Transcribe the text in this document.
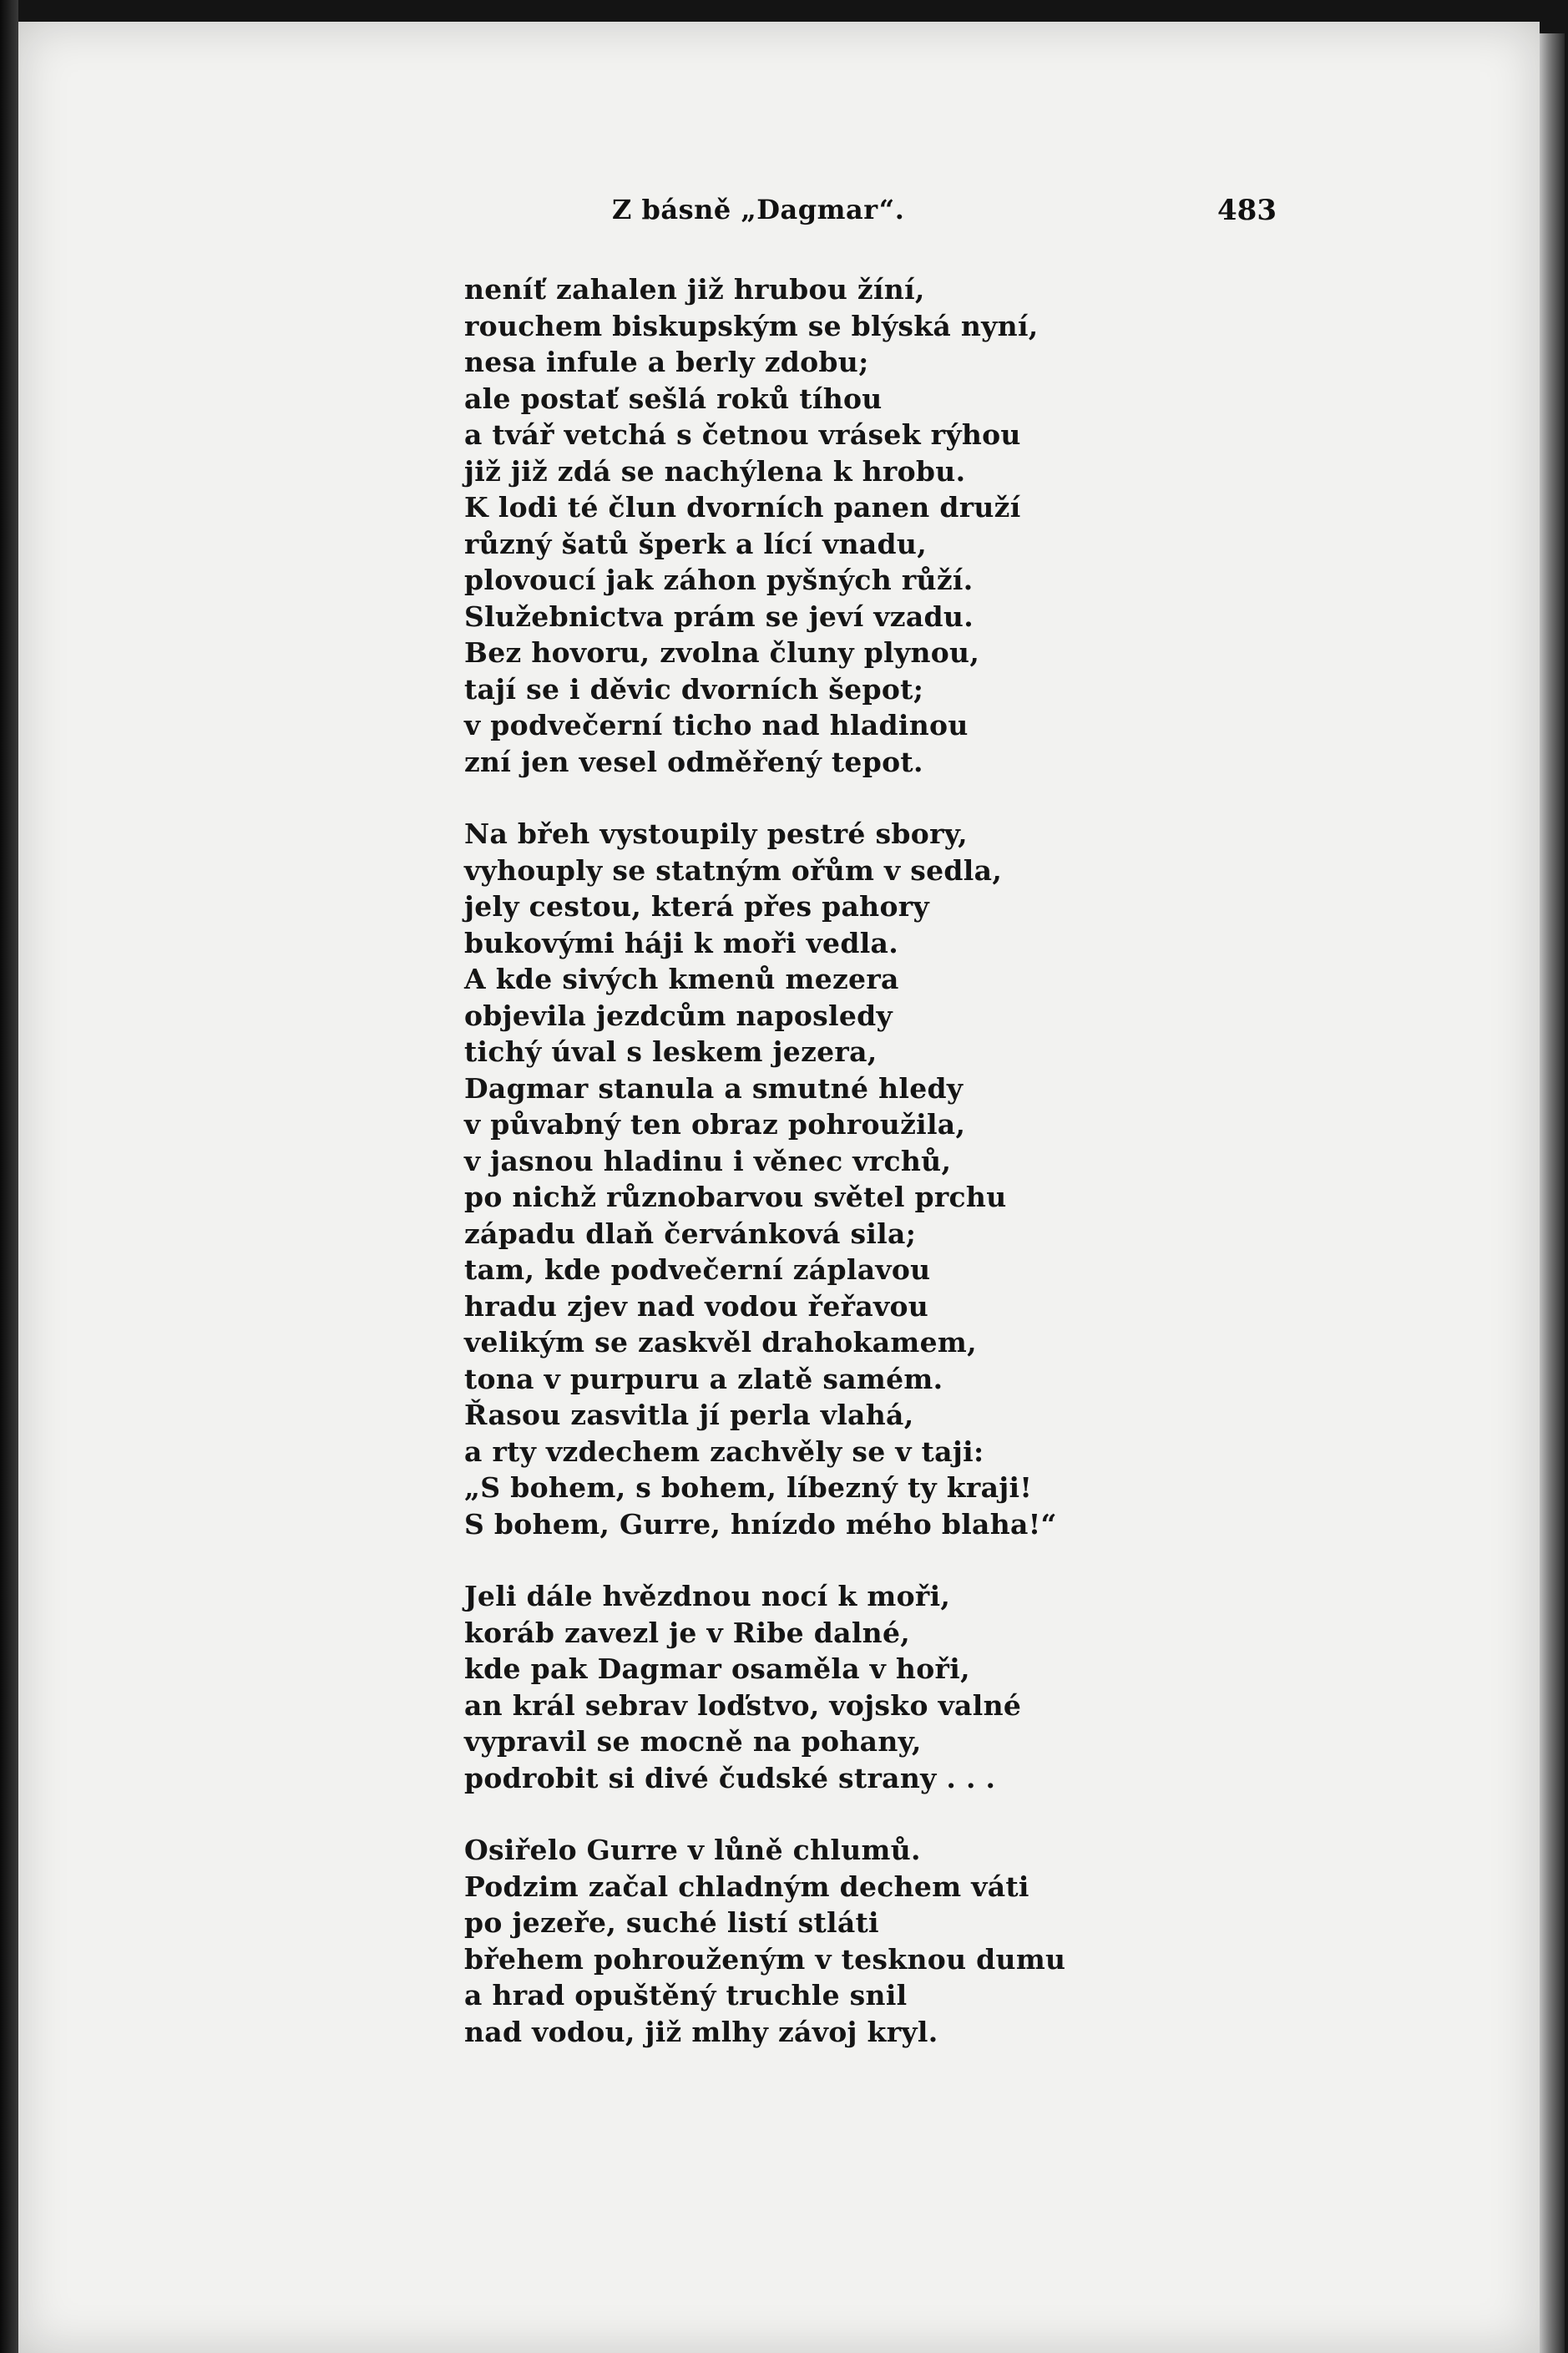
Z básně „Dagmar“.	483
neníť zahalen již hrubou žíní,
rouchem biskupským se blýská nyní,
nesa infule a berly zdobu;
ale postať sešlá roků tíhou
a tvář vetchá s četnou vrásek rýhou
již již zdá se nachýlena k hrobu.
K lodi té člun dvorních panen druží
různý šatů šperk a lící vnadu,
plovoucí jak záhon pyšných růží.
Služebnictva prám se jeví vzadu.
Bez hovoru, zvolna čluny plynou,
tají se i děvic dvorních šepot;
v podvečerní ticho nad hladinou
zní jen vesel odměřený tepot.
Na břeh vystoupily pestré sbory,
vyhouply se statným ořům v sedla,
jely cestou, která přes pahory
bukovými háji k moři vedla.
A kde sivých kmenů mezera
objevila jezdcům naposledy
tichý úval s leskem jezera,
Dagmar stanula a smutné hledy
v půvabný ten obraz pohroužila,
v jasnou hladinu i věnec vrchů,
po nichž různobarvou světel prchu
západu dlaň červánková sila;
tam, kde podvečerní záplavou
hradu zjev nad vodou řeřavou
velikým se zaskvěl drahokamem,
tona v purpuru a zlatě samém.
Řasou zasvitla jí perla vlahá,
a rty vzdechem zachvěly se v taji:
„S bohem, s bohem, líbezný ty kraji!
S bohem, Gurre, hnízdo mého blaha!“
Jeli dále hvězdnou nocí k moři,
koráb zavezl je v Ribe dalné,
kde pak Dagmar osaměla v hoři,
an král sebrav loďstvo, vojsko valné
vypravil se mocně na pohany,
podrobit si divé čudské strany . . .
Osiřelo Gurre v lůně chlumů.
Podzim začal chladným dechem váti
po jezeře, suché listí stláti
břehem pohrouženým v tesknou dumu
a hrad opuštěný truchle snil
nad vodou, již mlhy závoj kryl.
